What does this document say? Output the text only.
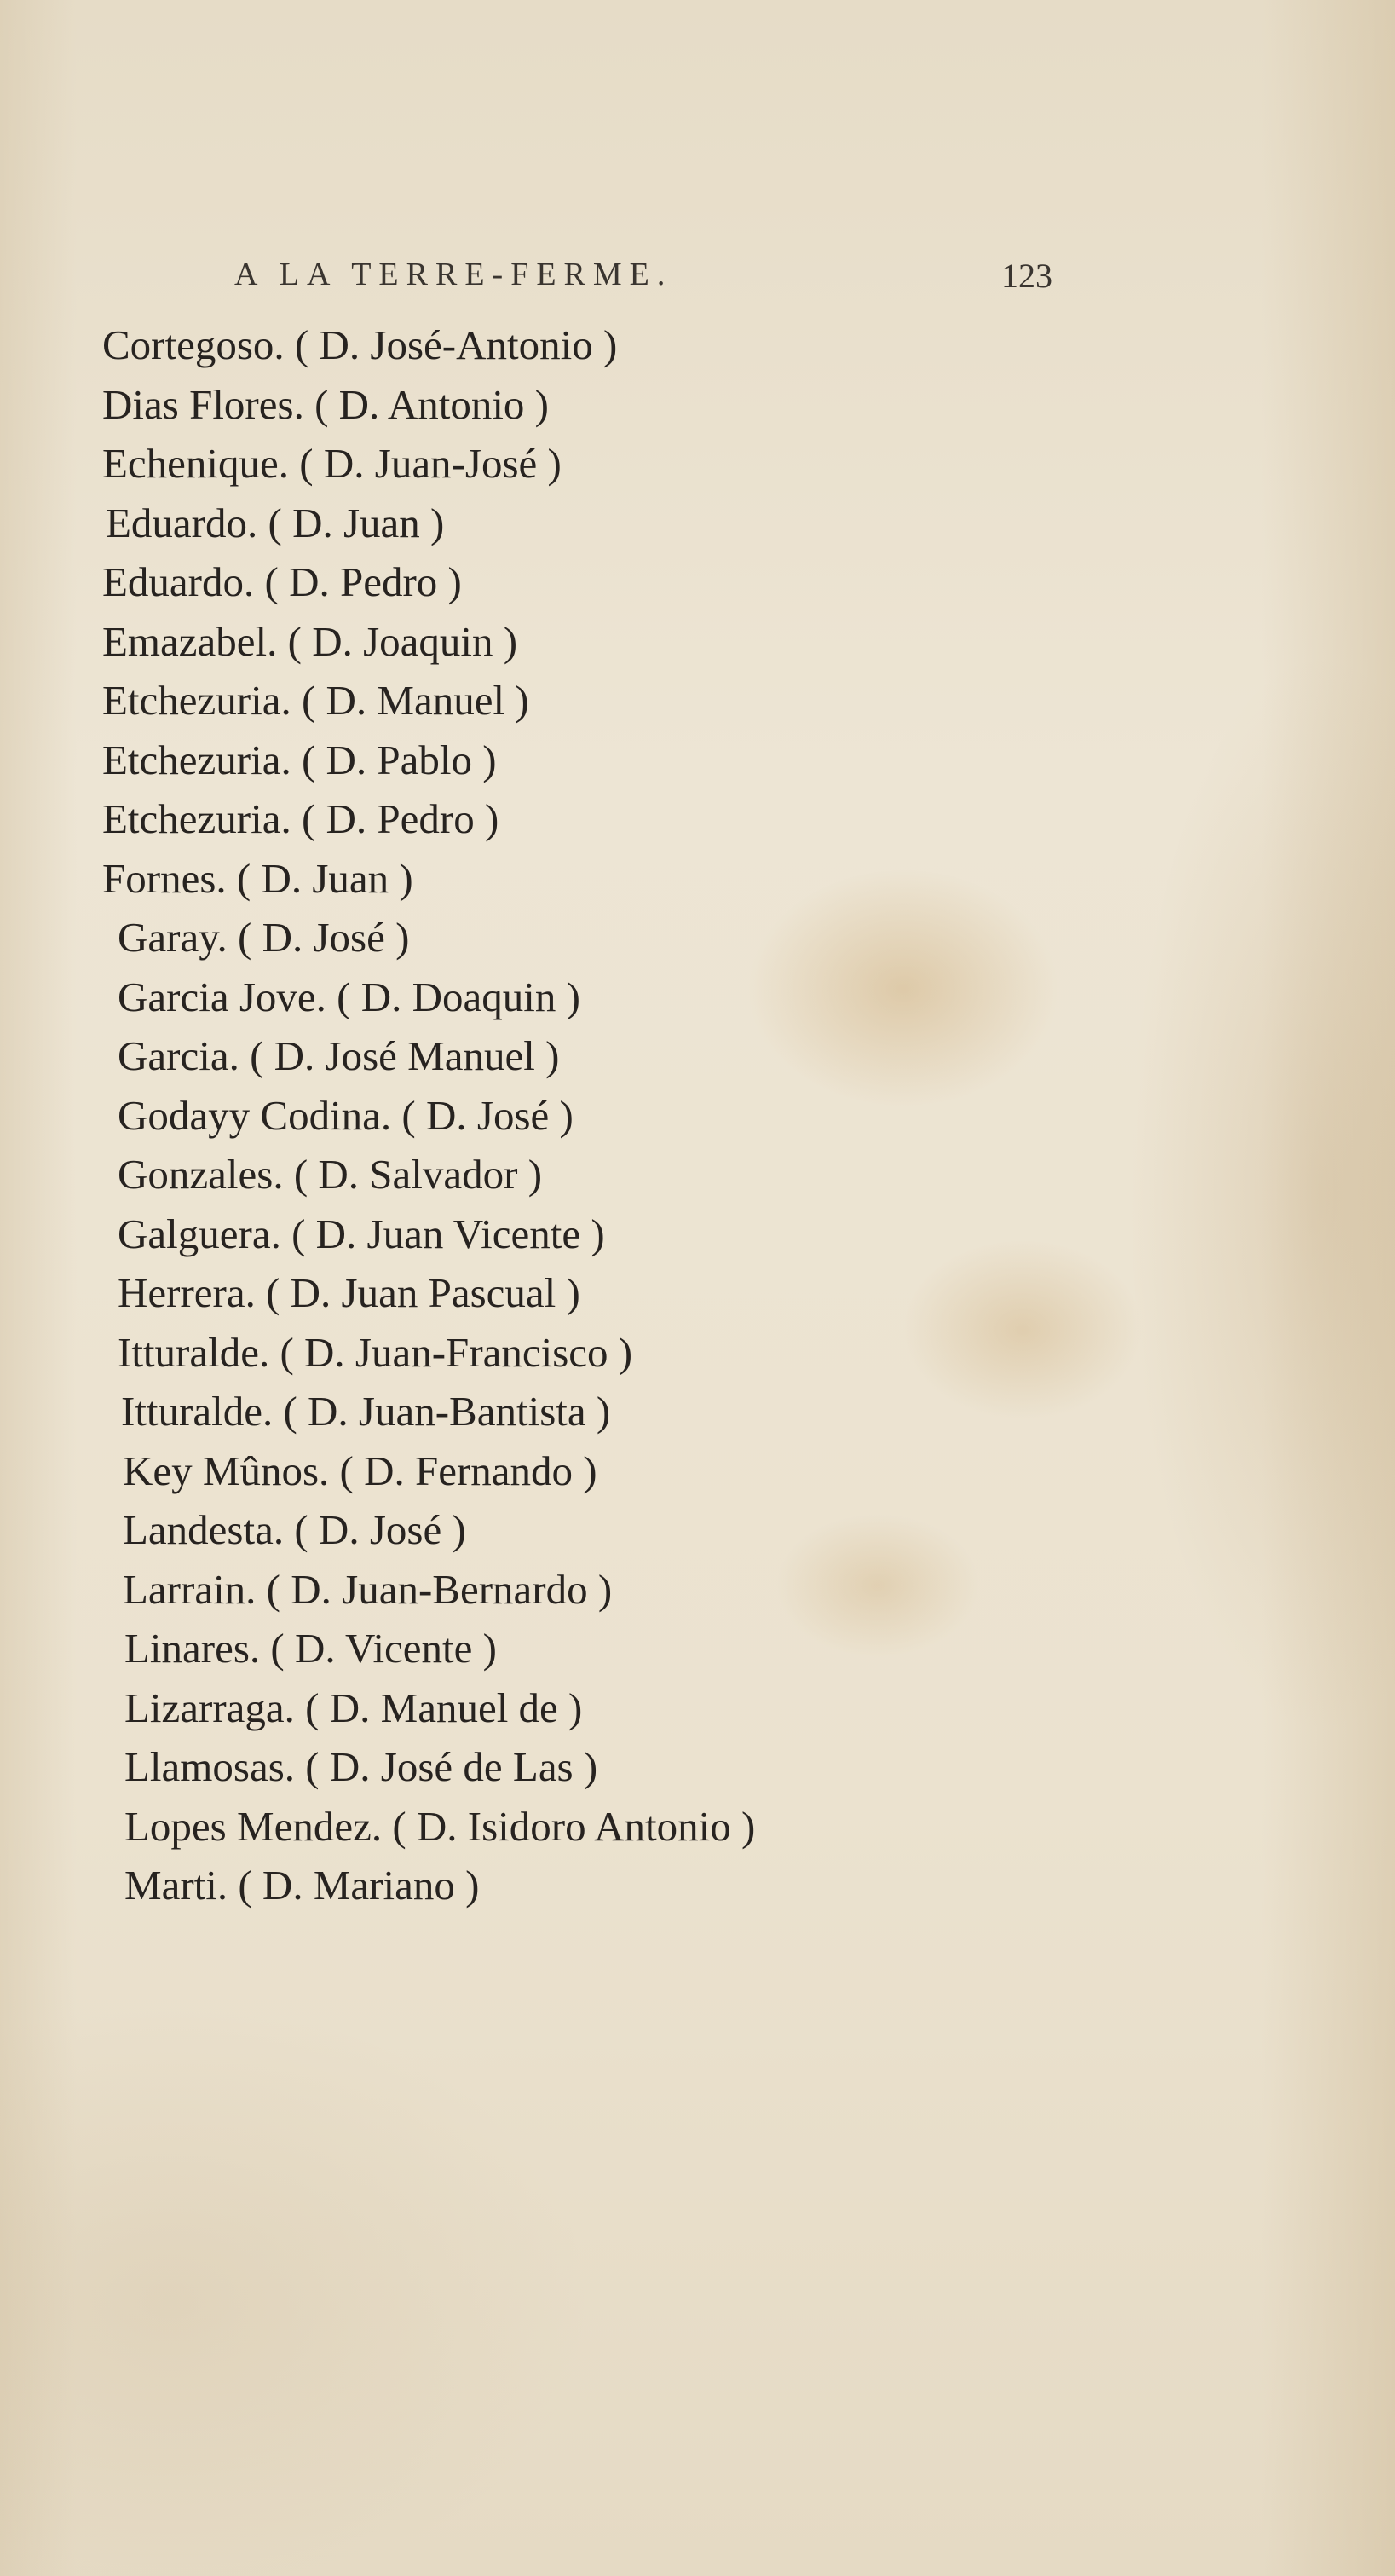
A LA TERRE-FERME.	123
Cortegoso. ( D. José-Antonio )
Dias Flores. ( D. Antonio )
Echenique. ( D. Juan-José )
Eduardo. ( D. Juan )
Eduardo. ( D. Pedro )
Emazabel. ( D. Joaquin )
Etchezuria. ( D. Manuel )
Etchezuria. ( D. Pablo )
Etchezuria. ( D. Pedro )
Fornes. ( D. Juan )
Garay. ( D. José )
Garcia Jove. ( D. Doaquin )
Garcia. ( D. José Manuel )
Godayy Codina. ( D. José )
Gonzales. ( D. Salvador )
Galguera. ( D. Juan Vicente )
Herrera. ( D. Juan Pascual )
Itturalde. ( D. Juan-Francisco )
Itturalde. ( D. Juan-Bantista )
Key Mûnos. ( D. Fernando )
Landesta. ( D. José )
Larrain. ( D. Juan-Bernardo )
Linares. ( D. Vicente )
Lizarraga. ( D. Manuel de )
Llamosas. ( D. José de Las )
Lopes Mendez. ( D. Isidoro Antonio )
Marti. ( D. Mariano )
